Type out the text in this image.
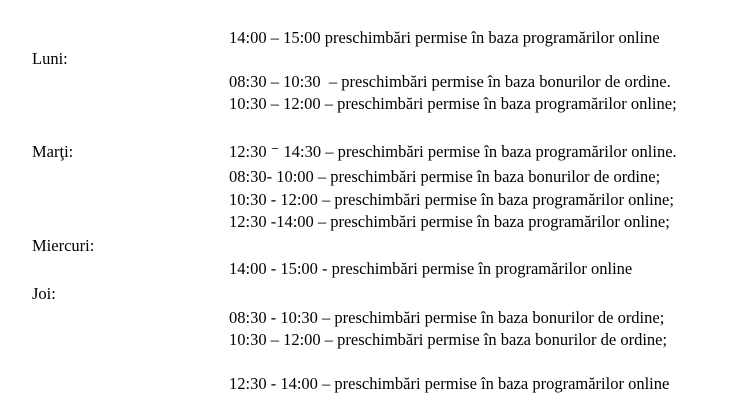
14:00 – 15:00 preschimbări permise în baza programărilor online

Luni:

08:30 – 10:30  – preschimbări permise în baza bonurilor de ordine.

10:30 – 12:00 – preschimbări permise în baza programărilor online;

Marţi:	12:30 ⁻ 14:30 – preschimbări permise în baza programărilor online.

08:30- 10:00 – preschimbări permise în baza bonurilor de ordine;

10:30 - 12:00 – preschimbări permise în baza programărilor online;

12:30 -14:00 – preschimbări permise în baza programărilor online;

Miercuri:

14:00 - 15:00 - preschimbări permise în programărilor online

Joi:

08:30 - 10:30 – preschimbări permise în baza bonurilor de ordine;

10:30 – 12:00 – preschimbări permise în baza bonurilor de ordine;

12:30 - 14:00 – preschimbări permise în baza programărilor online
